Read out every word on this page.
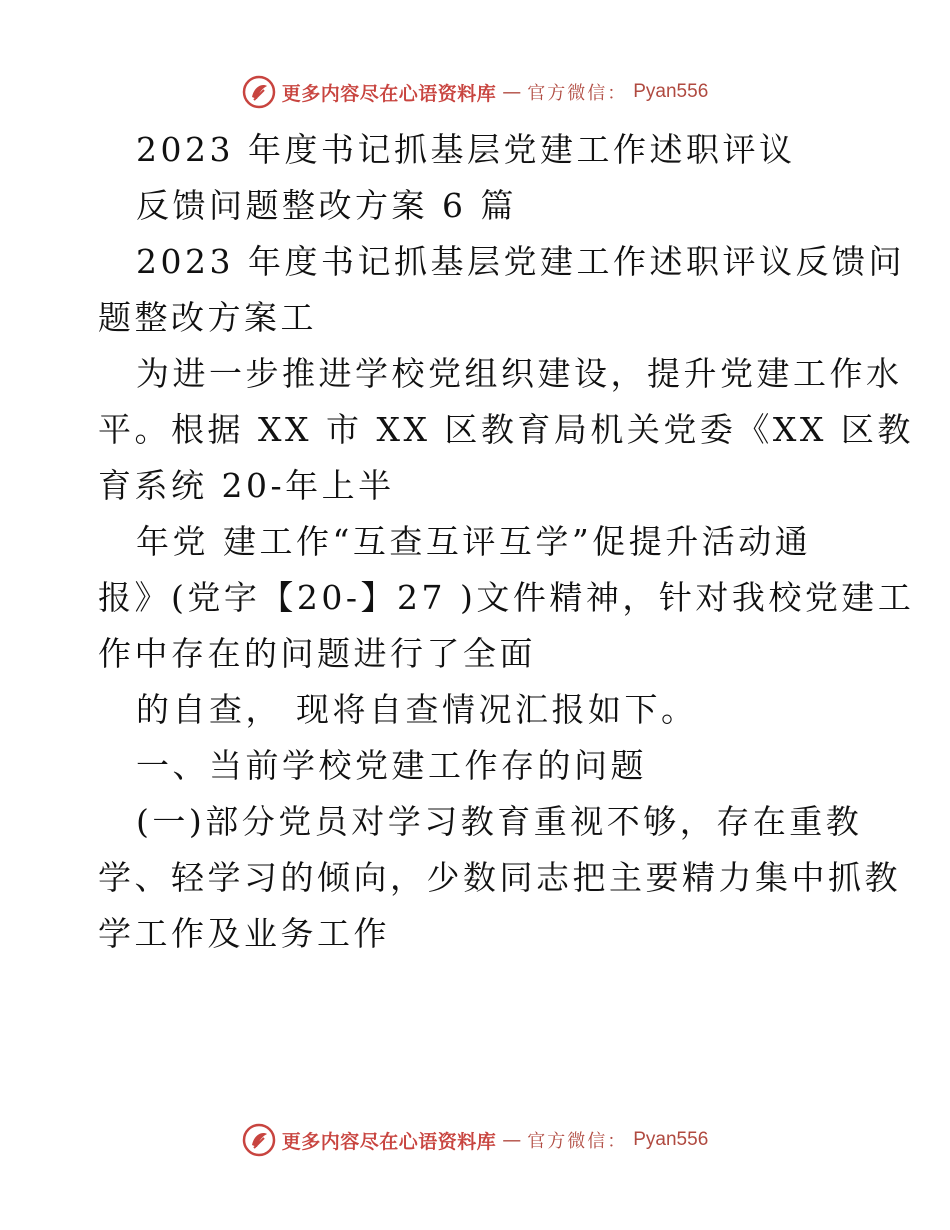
更多内容尽在心语资料库 — 官方微信： Pyan556
2023 年度书记抓基层党建工作述职评议
反馈问题整改方案 6 篇
2023 年度书记抓基层党建工作述职评议反馈问
题整改方案工
为进一步推进学校党组织建设，提升党建工作水
平。根据 XX 市 XX 区教育局机关党委《XX 区教
育系统 20-年上半
年党 建工作“互查互评互学”促提升活动通
报》(党字【20-】27 )文件精神，针对我校党建工
作中存在的问题进行了全面
的自查， 现将自查情况汇报如下。
一、当前学校党建工作存的问题
(一)部分党员对学习教育重视不够，存在重教
学、轻学习的倾向，少数同志把主要精力集中抓教
学工作及业务工作
更多内容尽在心语资料库 — 官方微信： Pyan556
